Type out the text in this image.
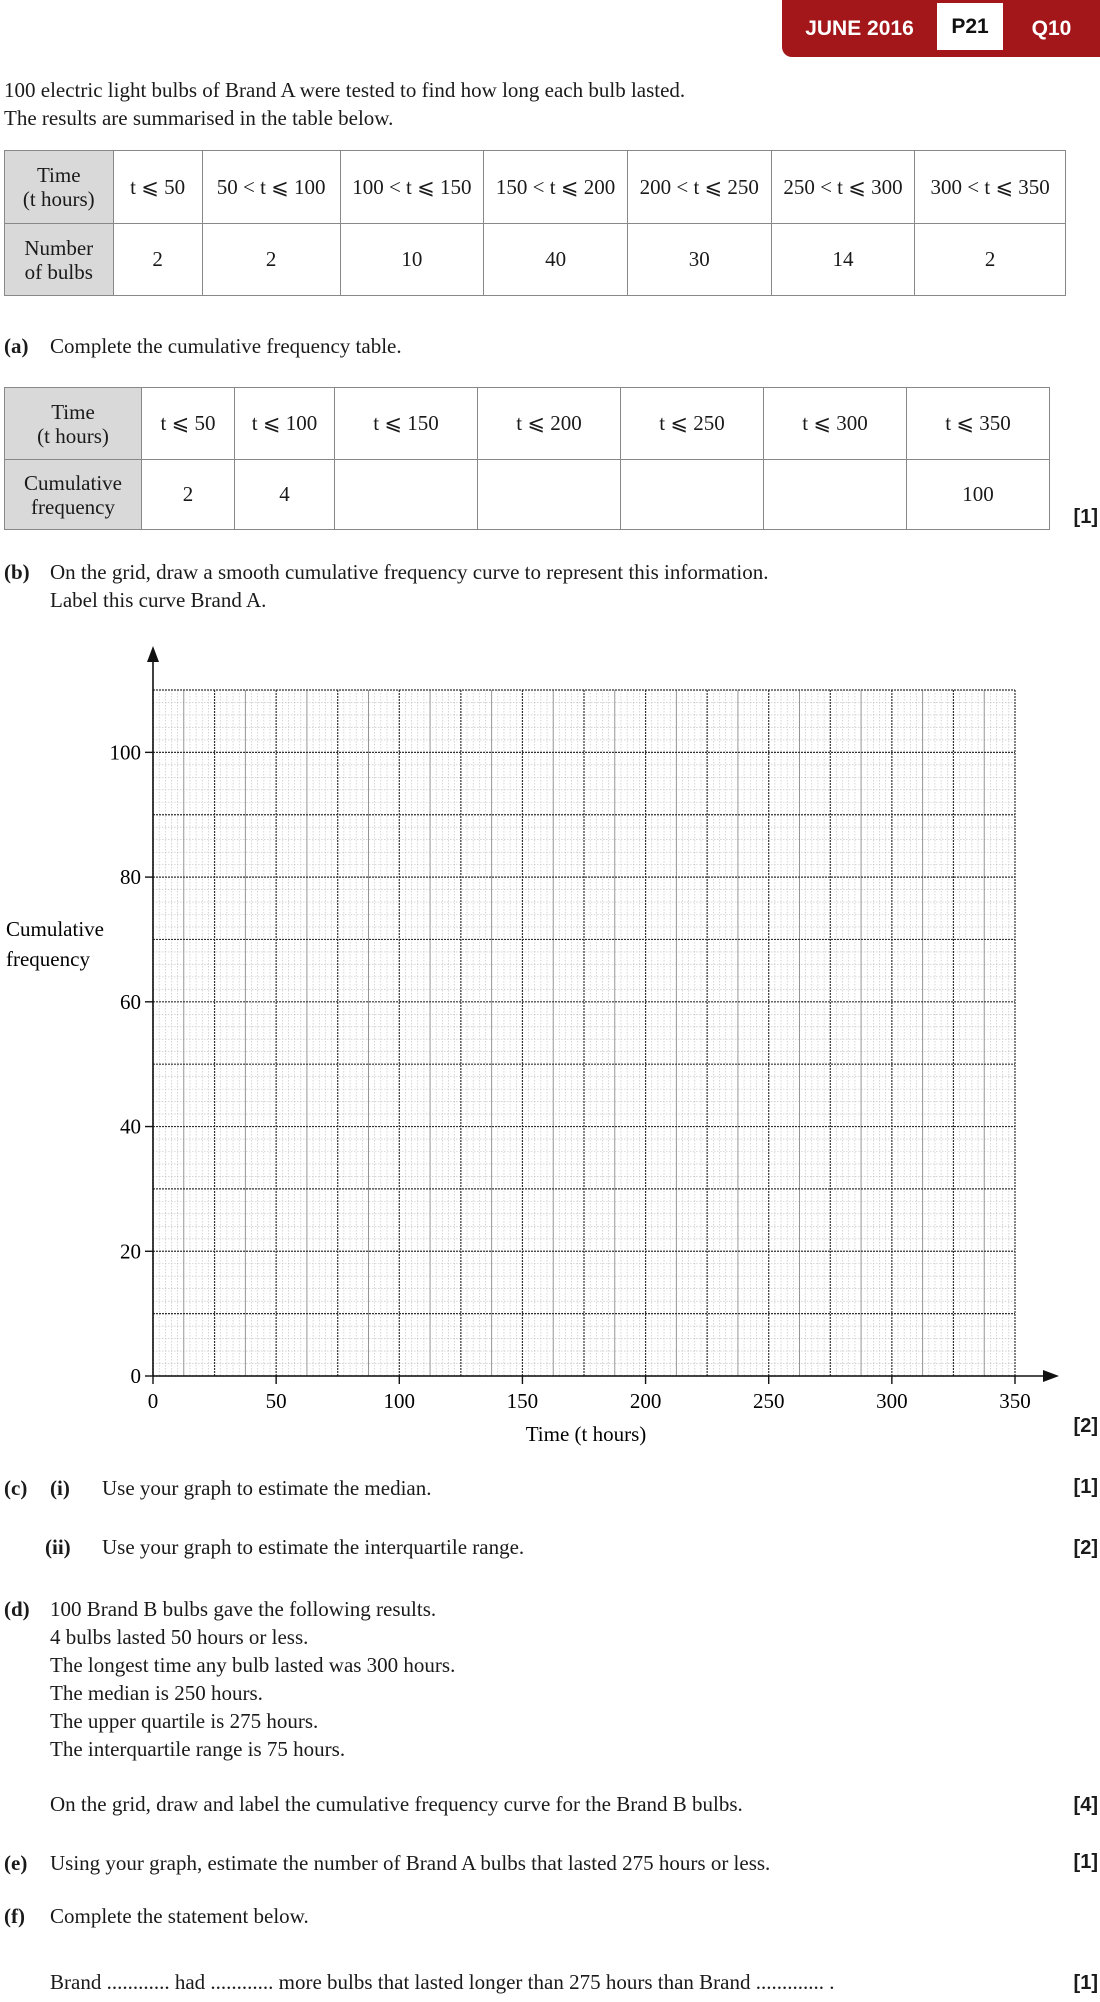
JUNE 2016	P21	Q10
100 electric light bulbs of Brand A were tested to find how long each bulb lasted.
The results are summarised in the table below.
Time
(t hours)	t ⩽ 50	50 < t ⩽ 100	100 < t ⩽ 150	150 < t ⩽ 200	200 < t ⩽ 250	250 < t ⩽ 300	300 < t ⩽ 350

Number
of bulbs	2	2	10	40	30	14	2
(a) Complete the cumulative frequency table.
Time
(t hours)	t ⩽ 50	t ⩽ 100	t ⩽ 150	t ⩽ 200	t ⩽ 250	t ⩽ 300	t ⩽ 350

Cumulative
frequency	2	4					100
[1]
(b) On the grid, draw a smooth cumulative frequency curve to represent this information.
Label this curve Brand A.
0	50	100	150	200	250	300	350
0
20
40
60
80
100
Cumulative
frequency
Time (t hours)	[2]
(c) (i) Use your graph to estimate the median.	[1]
(ii) Use your graph to estimate the interquartile range.	[2]
(d) 100 Brand B bulbs gave the following results.
4 bulbs lasted 50 hours or less.
The longest time any bulb lasted was 300 hours.
The median is 250 hours.
The upper quartile is 275 hours.
The interquartile range is 75 hours.
On the grid, draw and label the cumulative frequency curve for the Brand B bulbs.	[4]
(e) Using your graph, estimate the number of Brand A bulbs that lasted 275 hours or less.	[1]
(f) Complete the statement below.
Brand ............ had ............ more bulbs that lasted longer than 275 hours than Brand ............. .	[1]
